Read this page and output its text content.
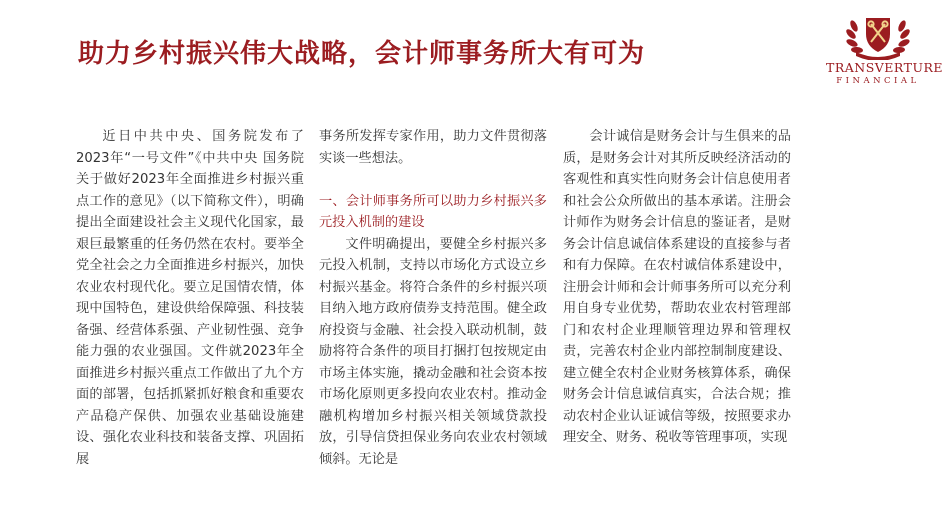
助力乡村振兴伟大战略，会计师事务所大有可为	TRANSVERTURE
FINANCIAL

近日中共中央、国务院发布了2023年“一号文件”《中共中央 国务院关于做好2023年全面推进乡村振兴重点工作的意见》（以下简称文件），明确提出全面建设社会主义现代化国家，最艰巨最繁重的任务仍然在农村。要举全党全社会之力全面推进乡村振兴，加快农业农村现代化。要立足国情农情，体现中国特色，建设供给保障强、科技装备强、经营体系强、产业韧性强、竞争能力强的农业强国。文件就2023年全面推进乡村振兴重点工作做出了九个方面的部署，包括抓紧抓好粮食和重要农产品稳产保供、加强农业基础设施建设、强化农业科技和装备支撑、巩固拓展

事务所发挥专家作用，助力文件贯彻落实谈一些想法。

一、会计师事务所可以助力乡村振兴多元投入机制的建设

文件明确提出，要健全乡村振兴多元投入机制，支持以市场化方式设立乡村振兴基金。将符合条件的乡村振兴项目纳入地方政府债券支持范围。健全政府投资与金融、社会投入联动机制，鼓励将符合条件的项目打捆打包按规定由市场主体实施，撬动金融和社会资本按市场化原则更多投向农业农村。推动金融机构增加乡村振兴相关领域贷款投放，引导信贷担保业务向农业农村领域倾斜。无论是

会计诚信是财务会计与生俱来的品质，是财务会计对其所反映经济活动的客观性和真实性向财务会计信息使用者和社会公众所做出的基本承诺。注册会计师作为财务会计信息的鉴证者，是财务会计信息诚信体系建设的直接参与者和有力保障。在农村诚信体系建设中，注册会计师和会计师事务所可以充分利用自身专业优势，帮助农业农村管理部门和农村企业理顺管理边界和管理权责，完善农村企业内部控制制度建设、建立健全农村企业财务核算体系，确保财务会计信息诚信真实，合法合规；推动农村企业认证诚信等级，按照要求办理安全、财务、税收等管理事项，实现
